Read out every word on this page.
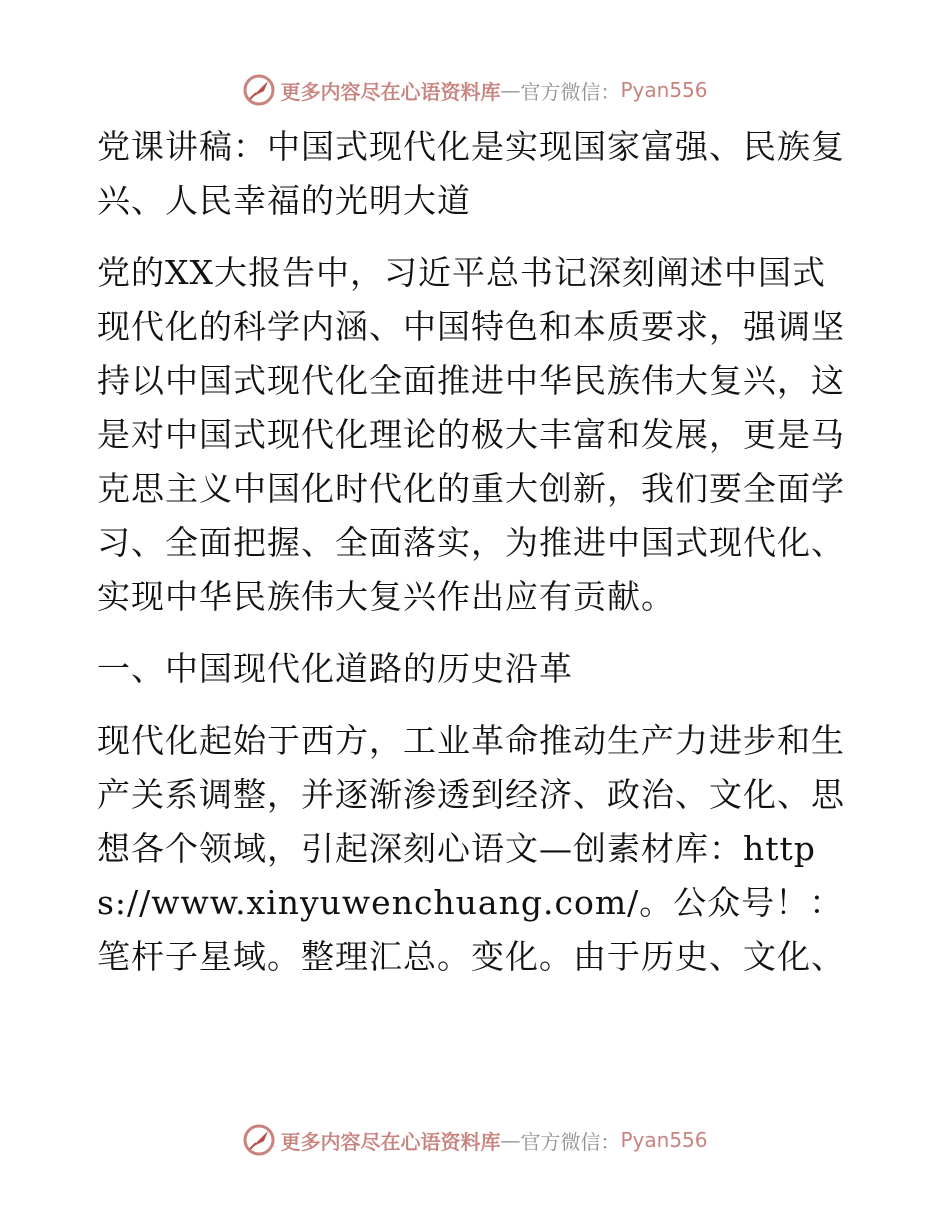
更多内容尽在心语资料库 — 官方微信： Pyan556

党课讲稿：中国式现代化是实现国家富强、民族复兴、人民幸福的光明大道

党的XX大报告中，习近平总书记深刻阐述中国式现代化的科学内涵、中国特色和本质要求，强调坚持以中国式现代化全面推进中华民族伟大复兴，这是对中国式现代化理论的极大丰富和发展，更是马克思主义中国化时代化的重大创新，我们要全面学习、全面把握、全面落实，为推进中国式现代化、实现中华民族伟大复兴作出应有贡献。

一、中国现代化道路的历史沿革

现代化起始于西方，工业革命推动生产力进步和生产关系调整，并逐渐渗透到经济、政治、文化、思想各个领域，引起深刻心语文—创素材库：https://www.xinyuwenchuang.com/。公众号！：笔杆子星域。整理汇总。变化。由于历史、文化、

更多内容尽在心语资料库 — 官方微信： Pyan556
